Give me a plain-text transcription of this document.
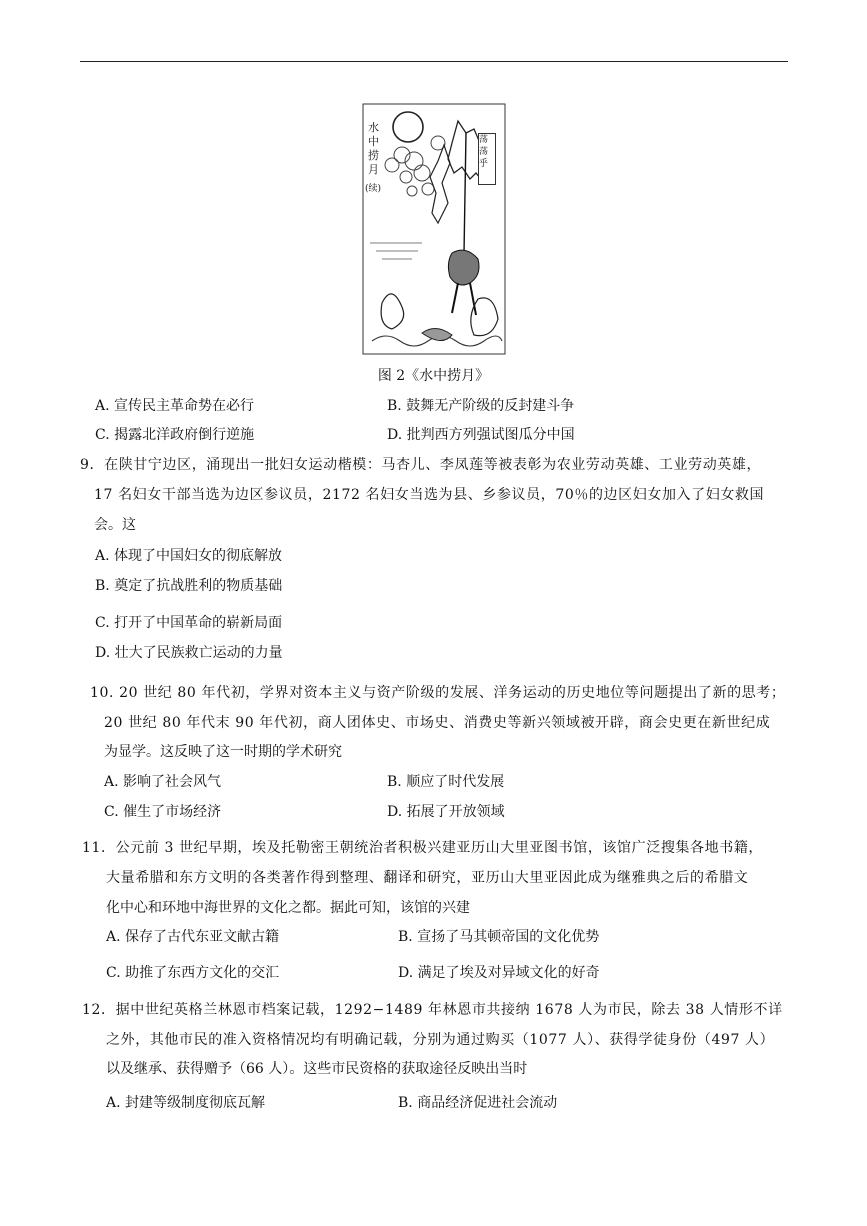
水中捞月
(续)
荡荡乎
图 2《水中捞月》
A. 宣传民主革命势在必行	B. 鼓舞无产阶级的反封建斗争
C. 揭露北洋政府倒行逆施	D. 批判西方列强试图瓜分中国
9．在陕甘宁边区，涌现出一批妇女运动楷模：马杏儿、李凤莲等被表彰为农业劳动英雄、工业劳动英雄，
17 名妇女干部当选为边区参议员，2172 名妇女当选为县、乡参议员，70％的边区妇女加入了妇女救国
会。这
A. 体现了中国妇女的彻底解放
B. 奠定了抗战胜利的物质基础
C. 打开了中国革命的崭新局面
D. 壮大了民族救亡运动的力量
10. 20 世纪 80 年代初，学界对资本主义与资产阶级的发展、洋务运动的历史地位等问题提出了新的思考；
20 世纪 80 年代末 90 年代初，商人团体史、市场史、消费史等新兴领域被开辟，商会史更在新世纪成
为显学。这反映了这一时期的学术研究
A. 影响了社会风气	B. 顺应了时代发展
C. 催生了市场经济	D. 拓展了开放领域
11．公元前 3 世纪早期，埃及托勒密王朝统治者积极兴建亚历山大里亚图书馆，该馆广泛搜集各地书籍，
大量希腊和东方文明的各类著作得到整理、翻译和研究，亚历山大里亚因此成为继雅典之后的希腊文
化中心和环地中海世界的文化之都。据此可知，该馆的兴建
A. 保存了古代东亚文献古籍	B. 宣扬了马其顿帝国的文化优势
C. 助推了东西方文化的交汇	D. 满足了埃及对异域文化的好奇
12．据中世纪英格兰林恩市档案记载，1292−1489 年林恩市共接纳 1678 人为市民，除去 38 人情形不详
之外，其他市民的准入资格情况均有明确记载，分别为通过购买（1077 人）、获得学徒身份（497 人）
以及继承、获得赠予（66 人）。这些市民资格的获取途径反映出当时
A. 封建等级制度彻底瓦解	B. 商品经济促进社会流动
